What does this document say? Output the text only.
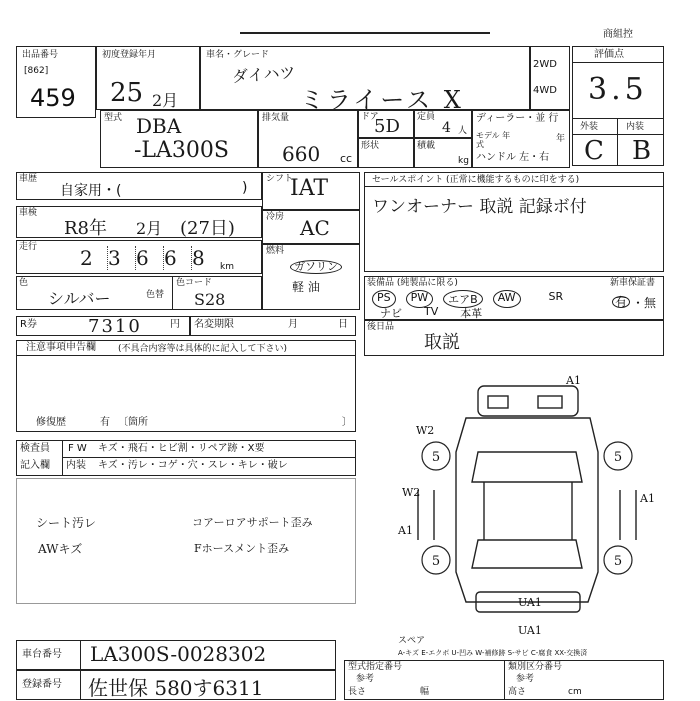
商組控
出品番号
[862]
459
初度登録年月
25 2月
車名・グレード
ダイハツ
ミライース X
2WD
4WD
評価点
3.5
外装	内装
C B
型式 DBA
-LA300S
排気量
660 cc
ドア
5D 定員
4 人
形状	積載
kg
ディーラー・並 行
モデル 年式
年
ハンドル 左・右
車歴
自家用・(	)
車検
R8年 2月 (27日)
走行 2 3 6 6 8	km
色
シルバー	色替
色コード
S28
シフト
IAT
冷房 AC
燃料
ガソリン
軽 油
セールスポイント (正常に機能するものに印をする)
ワンオーナー 取説 記録ボ付
装備品 (純製品に限る)	新車保証書
PS	PW	エアB	AW	SR
ナビ TV 本革
有 ・無
後日品
取説
R券	7310	円 名変期限	月	日
注意事項申告欄 (不具合内容等は具体的に記入して下さい)
修復歴	有 〔箇所	〕
検査員
記入欄
F W キズ・飛石・ヒビ割・リペア跡・X要
内装 キズ・汚レ・コゲ・穴・スレ・キレ・破レ
シート汚レ
AWキズ
コアーロアサポート歪み
Fホースメント歪み
5	5
5	5
A1
W2
W2
A1
A1
UA1
UA1
スペア
A-キズ E-エクボ U-凹み W-補修跡 S-サビ C-腐食 XX-交換済
車台番号 LA300S-0028302
登録番号 佐世保 580す6311
型式指定番号	類別区分番号
参考	参考
長さ	幅	高さ	cm
